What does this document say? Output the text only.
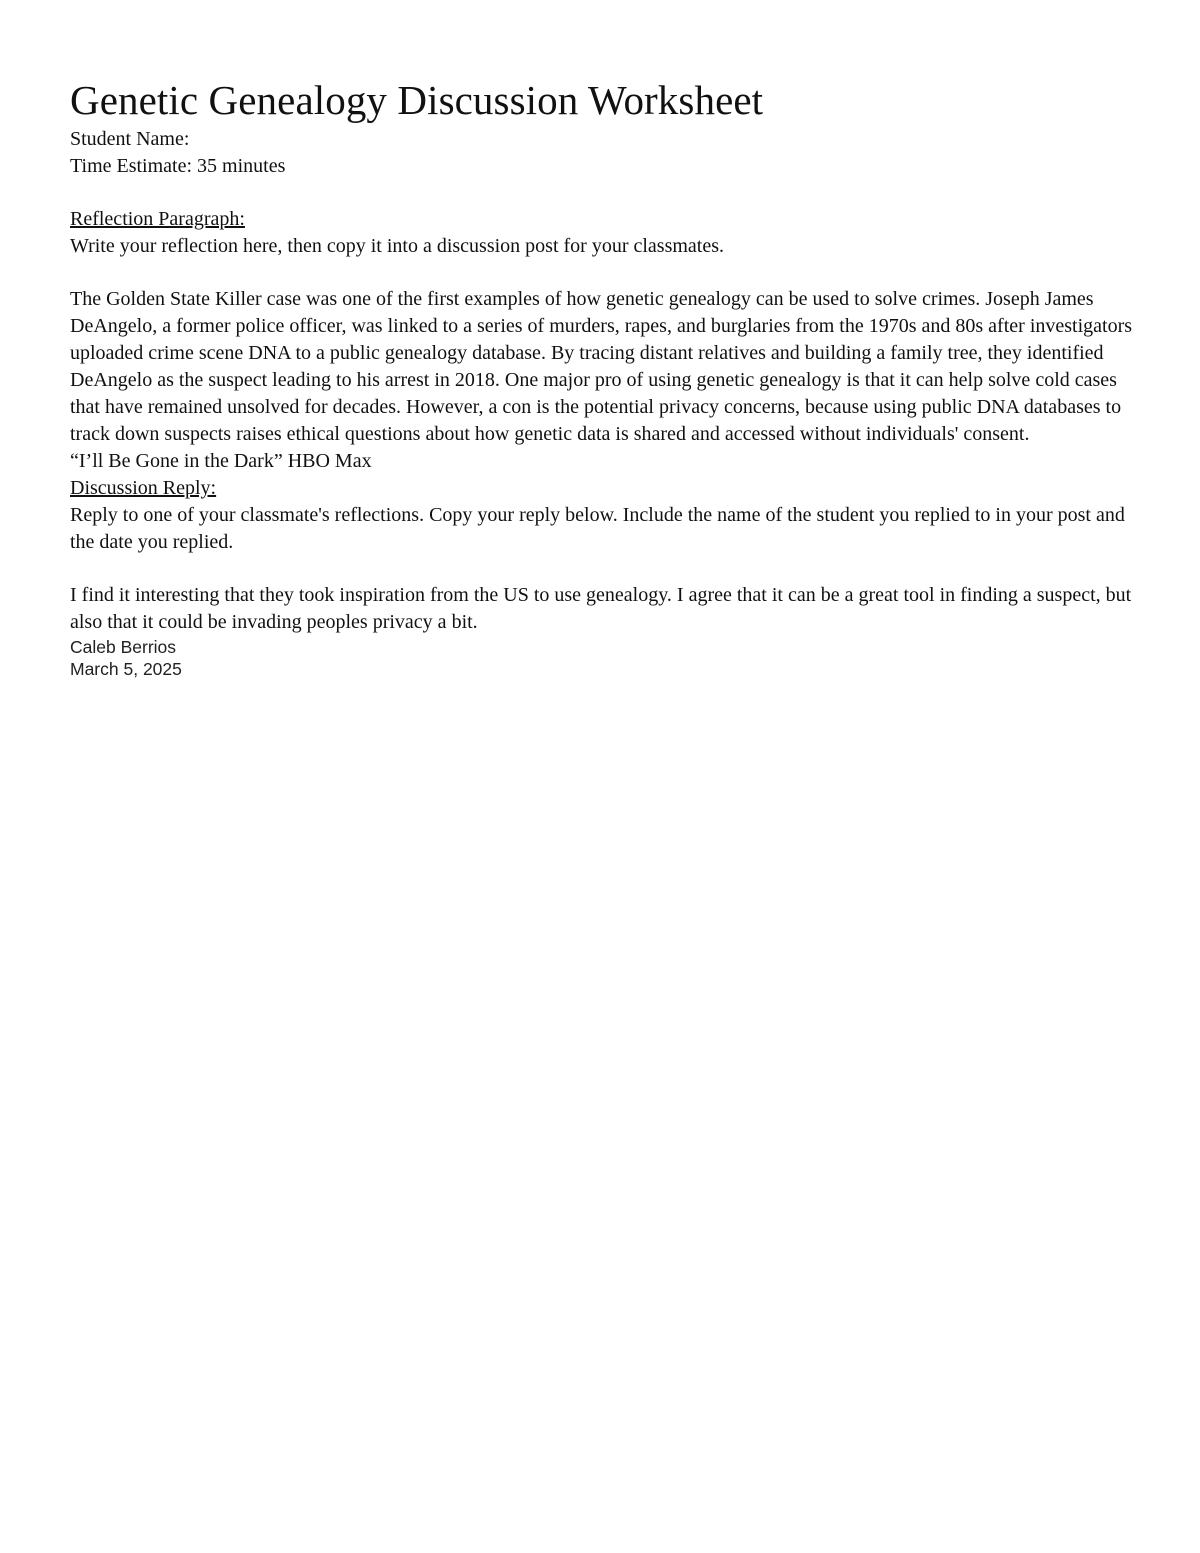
Genetic Genealogy Discussion Worksheet

Student Name:

Time Estimate: 35 minutes

Reflection Paragraph:

Write your reflection here, then copy it into a discussion post for your classmates.

The Golden State Killer case was one of the first examples of how genetic genealogy can be used to solve crimes. Joseph James DeAngelo, a former police officer, was linked to a series of murders, rapes, and burglaries from the 1970s and 80s after investigators uploaded crime scene DNA to a public genealogy database. By tracing distant relatives and building a family tree, they identified DeAngelo as the suspect leading to his arrest in 2018. One major pro of using genetic genealogy is that it can help solve cold cases that have remained unsolved for decades. However, a con is the potential privacy concerns, because using public DNA databases to track down suspects raises ethical questions about how genetic data is shared and accessed without individuals' consent.

“I’ll Be Gone in the Dark” HBO Max

Discussion Reply:

Reply to one of your classmate's reflections. Copy your reply below. Include the name of the student you replied to in your post and the date you replied.

I find it interesting that they took inspiration from the US to use genealogy. I agree that it can be a great tool in finding a suspect, but also that it could be invading peoples privacy a bit.

Caleb Berrios

March 5, 2025
